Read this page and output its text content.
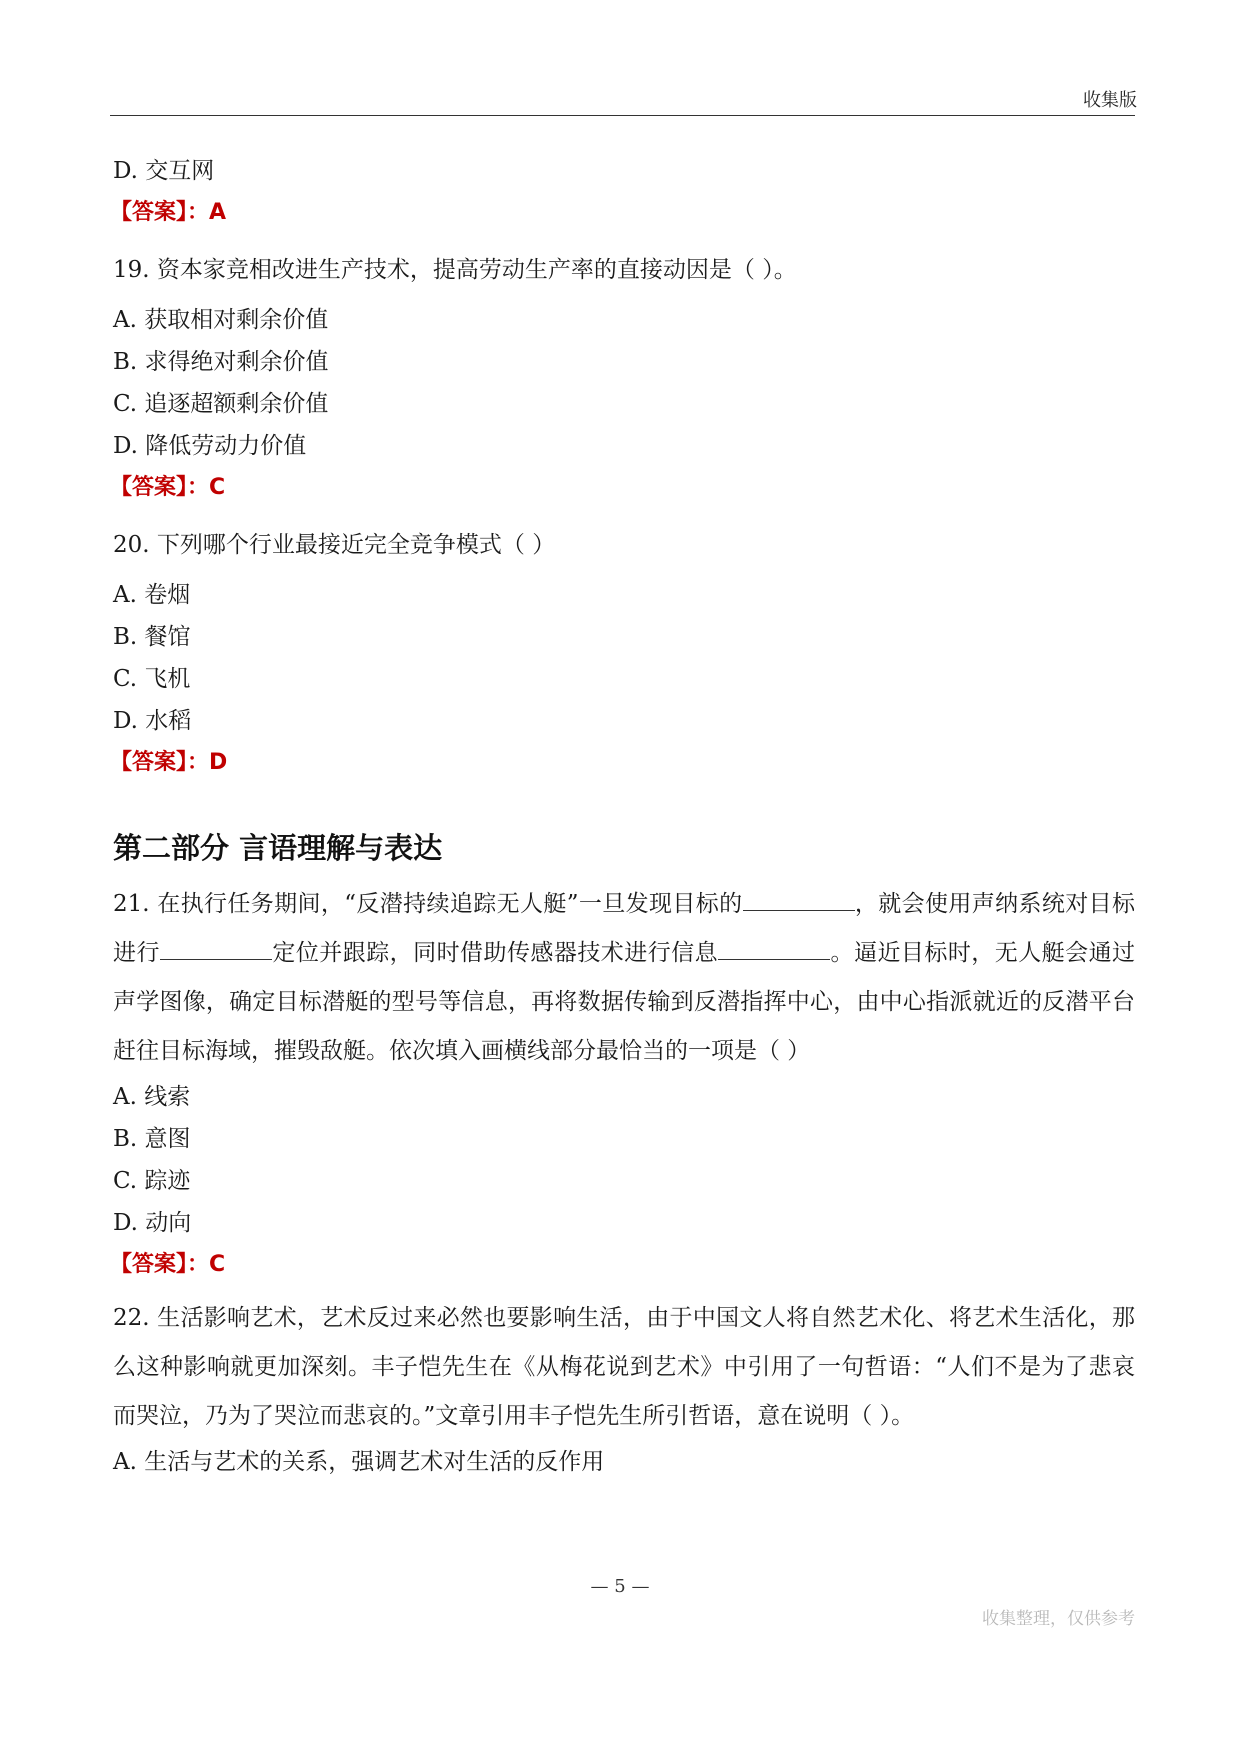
收集版
D. 交互网
【答案】：A
19. 资本家竞相改进生产技术，提高劳动生产率的直接动因是（ ）。
A. 获取相对剩余价值
B. 求得绝对剩余价值
C. 追逐超额剩余价值
D. 降低劳动力价值
【答案】：C
20. 下列哪个行业最接近完全竞争模式（ ）
A. 卷烟
B. 餐馆
C. 飞机
D. 水稻
【答案】：D
第二部分 言语理解与表达
21. 在执行任务期间，“反潜持续追踪无人艇”一旦发现目标的	，就会使用声纳系统对目标进行	定位并跟踪，同时借助传感器技术进行信息	。逼近目标时，无人艇会通过声学图像，确定目标潜艇的型号等信息，再将数据传输到反潜指挥中心，由中心指派就近的反潜平台赶往目标海域，摧毁敌艇。依次填入画横线部分最恰当的一项是（ ）
A. 线索
B. 意图
C. 踪迹
D. 动向
【答案】：C
22. 生活影响艺术，艺术反过来必然也要影响生活，由于中国文人将自然艺术化、将艺术生活化，那么这种影响就更加深刻。丰子恺先生在《从梅花说到艺术》中引用了一句哲语：“人们不是为了悲哀而哭泣，乃为了哭泣而悲哀的。”文章引用丰子恺先生所引哲语，意在说明（ ）。
A. 生活与艺术的关系，强调艺术对生活的反作用
— 5 —
收集整理，仅供参考
